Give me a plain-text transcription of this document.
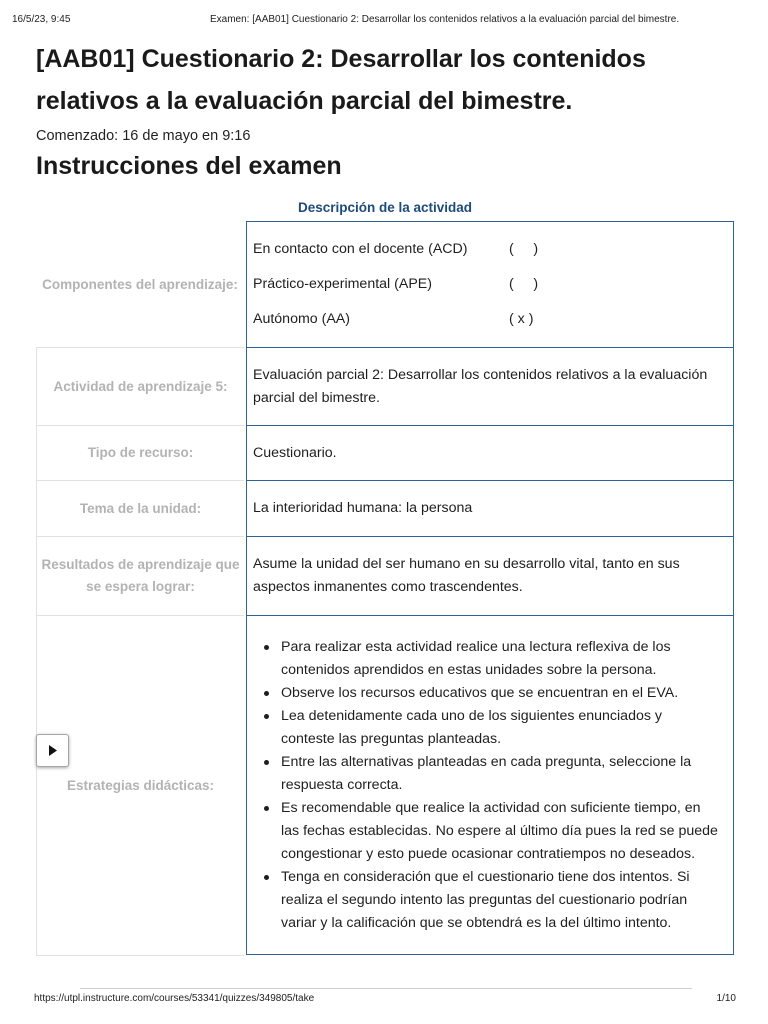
16/5/23, 9:45	Examen: [AAB01] Cuestionario 2: Desarrollar los contenidos relativos a la evaluación parcial del bimestre.
[AAB01] Cuestionario 2: Desarrollar los contenidos relativos a la evaluación parcial del bimestre.
Comenzado: 16 de mayo en 9:16
Instrucciones del examen
Descripción de la actividad
Componentes del aprendizaje:
En contacto con el docente (ACD)	(     )
Práctico-experimental (APE)	(     )
Autónomo (AA)	( x )
Actividad de aprendizaje 5:
Evaluación parcial 2: Desarrollar los contenidos relativos a la evaluación parcial del bimestre.
Tipo de recurso:	Cuestionario.
Tema de la unidad:	La interioridad humana: la persona
Resultados de aprendizaje que se espera lograr:
Asume la unidad del ser humano en su desarrollo vital, tanto en sus aspectos inmanentes como trascendentes.
Estrategias didácticas:
Para realizar esta actividad realice una lectura reflexiva de los contenidos aprendidos en estas unidades sobre la persona.
Observe los recursos educativos que se encuentran en el EVA.
Lea detenidamente cada uno de los siguientes enunciados y conteste las preguntas planteadas.
Entre las alternativas planteadas en cada pregunta, seleccione la respuesta correcta.
Es recomendable que realice la actividad con suficiente tiempo, en las fechas establecidas. No espere al último día pues la red se puede congestionar y esto puede ocasionar contratiempos no deseados.
Tenga en consideración que el cuestionario tiene dos intentos. Si realiza el segundo intento las preguntas del cuestionario podrían variar y la calificación que se obtendrá es la del último intento.
https://utpl.instructure.com/courses/53341/quizzes/349805/take	1/10
